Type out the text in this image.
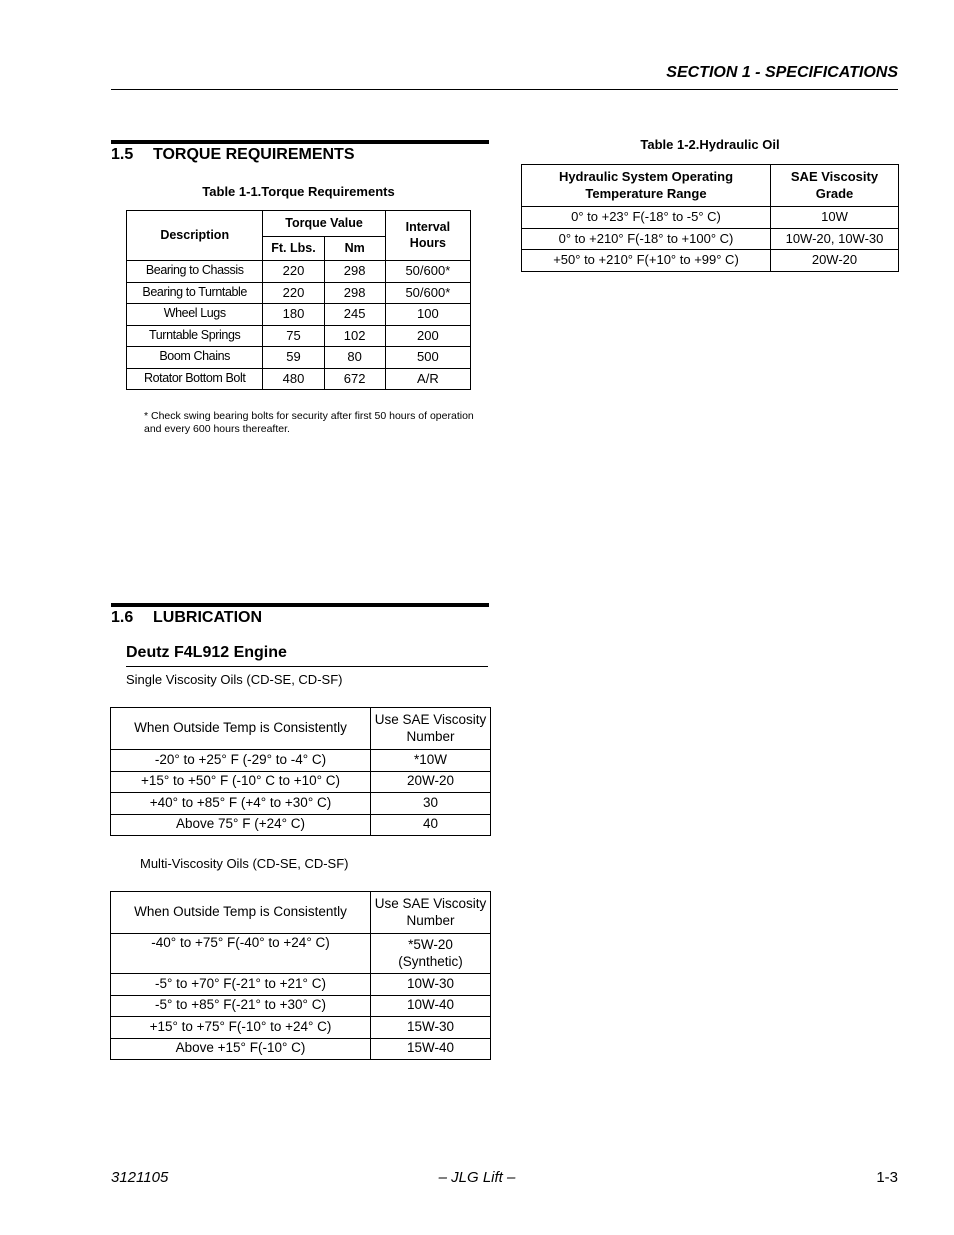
SECTION 1 - SPECIFICATIONS
1.5 TORQUE REQUIREMENTS
Table 1-1.Torque Requirements
Description	Torque Value		Interval
Hours
	Ft. Lbs.	Nm	
Bearing to Chassis	220	298	50/600*
Bearing to Turntable	220	298	50/600*
Wheel Lugs	180	245	100
Turntable Springs	75	102	200
Boom Chains	59	80	500
Rotator Bottom Bolt	480	672	A/R
* Check swing bearing bolts for security after first 50 hours of operation and every 600 hours thereafter.
Table 1-2.Hydraulic Oil
Hydraulic System Operating
Temperature Range	SAE Viscosity
Grade
0° to +23° F(-18° to -5° C)	10W
0° to +210° F(-18° to +100° C)	10W-20, 10W-30
+50° to +210° F(+10° to +99° C)	20W-20
1.6 LUBRICATION
Deutz F4L912 Engine
Single Viscosity Oils (CD-SE, CD-SF)
When Outside Temp is Consistently	Use SAE Viscosity
Number
-20° to +25° F (-29° to -4° C)	*10W
+15° to +50° F (-10° C to +10° C)	20W-20
+40° to +85° F (+4° to +30° C)	30
Above 75° F (+24° C)	40
Multi-Viscosity Oils (CD-SE, CD-SF)
When Outside Temp is Consistently	Use SAE Viscosity
Number
-40° to +75° F(-40° to +24° C)	*5W-20
(Synthetic)
-5° to +70° F(-21° to +21° C)	10W-30
-5° to +85° F(-21° to +30° C)	10W-40
+15° to +75° F(-10° to +24° C)	15W-30
Above +15° F(-10° C)	15W-40
3121105	– JLG Lift –	1-3
